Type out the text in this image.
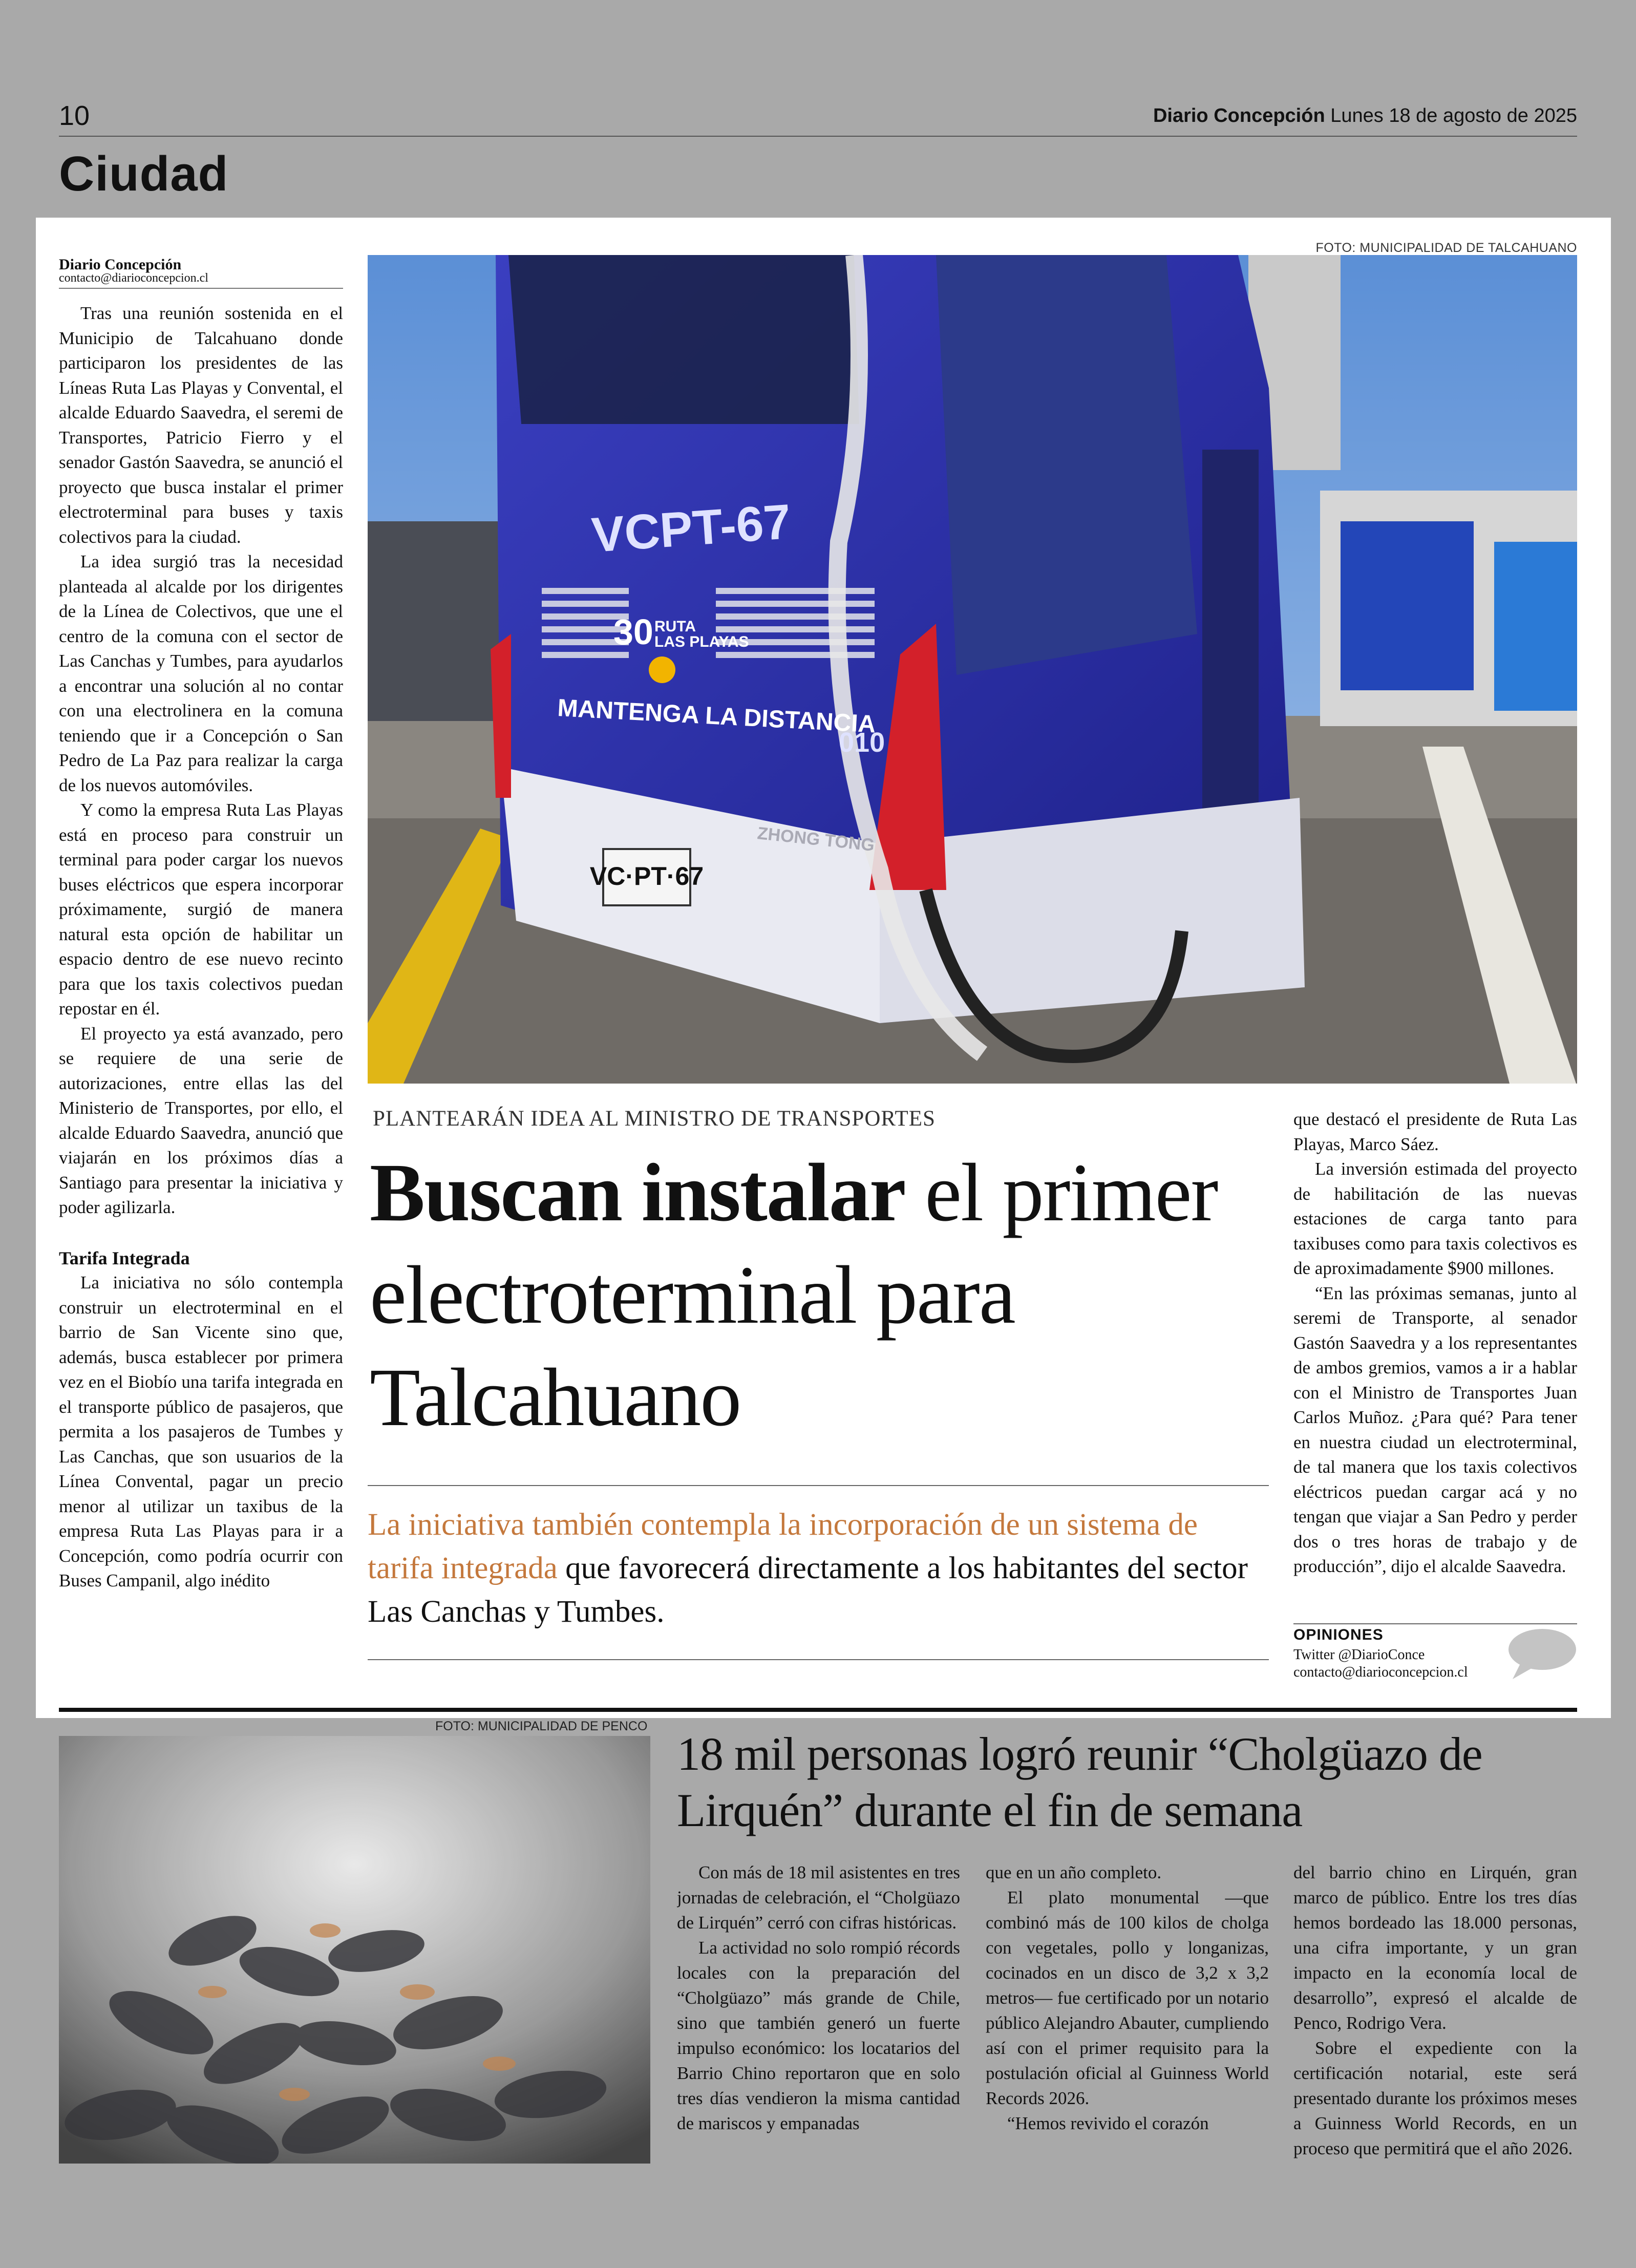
10	Diario Concepción Lunes 18 de agosto de 2025
Ciudad
Diario Concepción
contacto@diarioconcepcion.cl

Tras una reunión sostenida en el Municipio de Talcahuano donde participaron los presidentes de las Líneas Ruta Las Playas y Convental, el alcalde Eduardo Saavedra, el seremi de Transportes, Patricio Fierro y el senador Gastón Saavedra, se anunció el proyecto que busca instalar el primer electroterminal para buses y taxis colectivos para la ciudad.

La idea surgió tras la necesidad planteada al alcalde por los dirigentes de la Línea de Colectivos, que une el centro de la comuna con el sector de Las Canchas y Tumbes, para ayudarlos a encontrar una solución al no contar con una electrolinera en la comuna teniendo que ir a Concepción o San Pedro de La Paz para realizar la carga de los nuevos automóviles.

Y como la empresa Ruta Las Playas está en proceso para construir un terminal para poder cargar los nuevos buses eléctricos que espera incorporar próximamente, surgió de manera natural esta opción de habilitar un espacio dentro de ese nuevo recinto para que los taxis colectivos puedan repostar en él.

El proyecto ya está avanzado, pero se requiere de una serie de autorizaciones, entre ellas las del Ministerio de Transportes, por ello, el alcalde Eduardo Saavedra, anunció que viajarán en los próximos días a Santiago para presentar la iniciativa y poder agilizarla.

Tarifa Integrada

La iniciativa no sólo contempla construir un electroterminal en el barrio de San Vicente sino que, además, busca establecer por primera vez en el Biobío una tarifa integrada en el transporte público de pasajeros, que permita a los pasajeros de Tumbes y Las Canchas, que son usuarios de la Línea Convental, pagar un precio menor al utilizar un taxibus de la empresa Ruta Las Playas para ir a Concepción, como podría ocurrir con Buses Campanil, algo inédito

FOTO: MUNICIPALIDAD DE TALCAHUANO
VC·PT·67
VCPT-67
30 RUTA
LAS PLAYAS
MANTENGA LA DISTANCIA
010
ZHONG TONG
PLANTEARÁN IDEA AL MINISTRO DE TRANSPORTES
Buscan instalar el primer electroterminal para Talcahuano
La iniciativa también contempla la incorporación de un sistema de tarifa integrada que favorecerá directamente a los habitantes del sector Las Canchas y Tumbes.

que destacó el presidente de Ruta Las Playas, Marco Sáez.

La inversión estimada del proyecto de habilitación de las nuevas estaciones de carga tanto para taxibuses como para taxis colectivos es de aproximadamente $900 millones.

“En las próximas semanas, junto al seremi de Transporte, al senador Gastón Saavedra y a los representantes de ambos gremios, vamos a ir a hablar con el Ministro de Transportes Juan Carlos Muñoz. ¿Para qué? Para tener en nuestra ciudad un electroterminal, de tal manera que los taxis colectivos eléctricos puedan cargar acá y no tengan que viajar a San Pedro y perder dos o tres horas de trabajo y de producción”, dijo el alcalde Saavedra.

OPINIONES
Twitter @DiarioConce
contacto@diarioconcepcion.cl
FOTO: MUNICIPALIDAD DE PENCO
18 mil personas logró reunir “Cholgüazo de Lirquén” durante el fin de semana

Con más de 18 mil asistentes en tres jornadas de celebración, el “Cholgüazo de Lirquén” cerró con cifras históricas.

La actividad no solo rompió récords locales con la preparación del “Cholgüazo” más grande de Chile, sino que también generó un fuerte impulso económico: los locatarios del Barrio Chino reportaron que en solo tres días vendieron la misma cantidad de mariscos y empanadas

que en un año completo.

El plato monumental —que combinó más de 100 kilos de cholga con vegetales, pollo y longanizas, cocinados en un disco de 3,2 x 3,2 metros— fue certificado por un notario público Alejandro Abauter, cumpliendo así con el primer requisito para la postulación oficial al Guinness World Records 2026.

“Hemos revivido el corazón

del barrio chino en Lirquén, gran marco de público. Entre los tres días hemos bordeado las 18.000 personas, una cifra importante, y un gran impacto en la economía local de desarrollo”, expresó el alcalde de Penco, Rodrigo Vera.

Sobre el expediente con la certificación notarial, este será presentado durante los próximos meses a Guinness World Records, en un proceso que permitirá que el año 2026.
